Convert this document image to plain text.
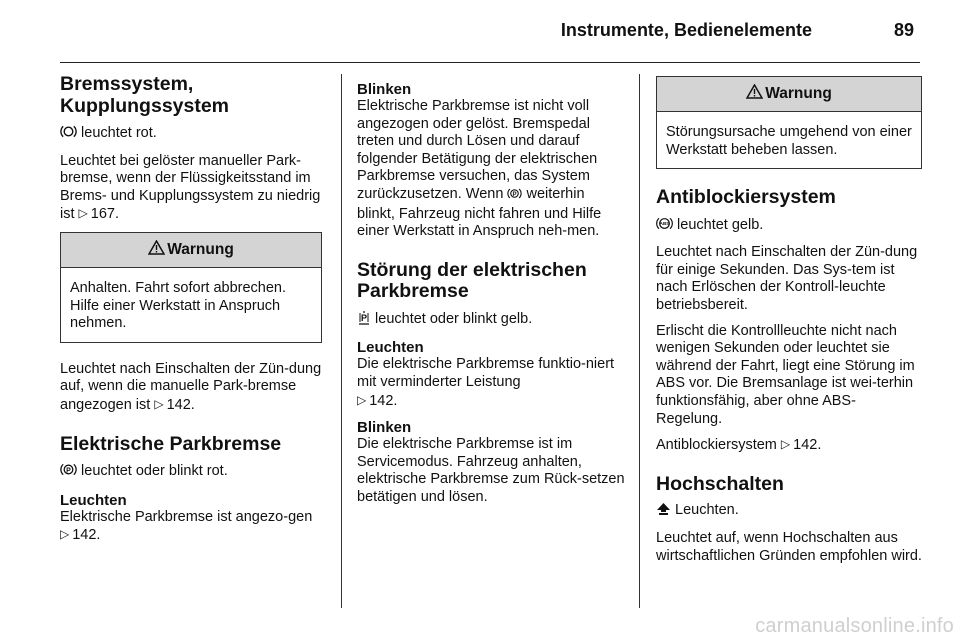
Instrumente, Bedienelemente	89
Bremssystem,
Kupplungssystem

leuchtet rot.

Leuchtet bei gelöster manueller Park-bremse, wenn der Flüssigkeitsstand im Brems- und Kupplungssystem zu niedrig ist ▷ 167.

Warnung
Anhalten. Fahrt sofort abbrechen. Hilfe einer Werkstatt in Anspruch nehmen.

Leuchtet nach Einschalten der Zün-dung auf, wenn die manuelle Park-bremse angezogen ist ▷ 142.

Elektrische Parkbremse

P leuchtet oder blinkt rot.

Leuchten

Elektrische Parkbremse ist angezo-gen ▷ 142.

Blinken

Elektrische Parkbremse ist nicht voll angezogen oder gelöst. Bremspedal treten und durch Lösen und darauf folgender Betätigung der elektrischen Parkbremse versuchen, das System zurückzusetzen. Wenn P weiterhin blinkt, Fahrzeug nicht fahren und Hilfe einer Werkstatt in Anspruch neh-men.

Störung der elektrischen Parkbremse

P leuchtet oder blinkt gelb.

Leuchten

Die elektrische Parkbremse funktio-niert mit verminderter Leistung
▷ 142.

Blinken

Die elektrische Parkbremse ist im Servicemodus. Fahrzeug anhalten, elektrische Parkbremse zum Rück-setzen betätigen und lösen.

Warnung
Störungsursache umgehend von einer Werkstatt beheben lassen.
Antiblockiersystem

ABS leuchtet gelb.

Leuchtet nach Einschalten der Zün-dung für einige Sekunden. Das Sys-tem ist nach Erlöschen der Kontroll-leuchte betriebsbereit.

Erlischt die Kontrollleuchte nicht nach wenigen Sekunden oder leuchtet sie während der Fahrt, liegt eine Störung im ABS vor. Die Bremsanlage ist wei-terhin funktionsfähig, aber ohne ABS-Regelung.

Antiblockiersystem ▷ 142.

Hochschalten

Leuchten.

Leuchtet auf, wenn Hochschalten aus wirtschaftlichen Gründen empfohlen wird.

carmanualsonline.info
